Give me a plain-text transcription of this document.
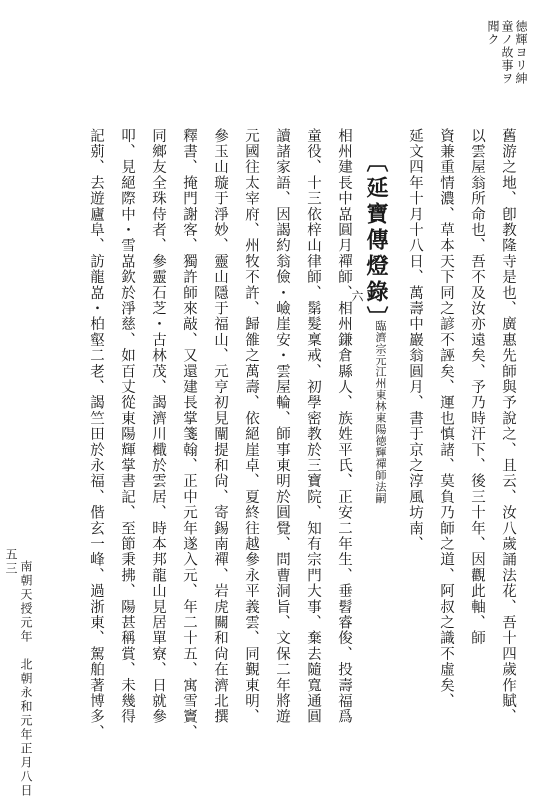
徳輝ヨリ紳
童ノ故事ヲ
聞ク
舊游之地、卽教隆寺是也、廣惠先師與予說之、且云、汝八歲誦法花、吾十四歲作賦、
以雲屋翁所命也、吾不及汝亦遠矣、予乃時汗下、後三十年、因觀此軸、師
資兼重情濃、草本天下同之諺不誣矣、運也慎諸、莫負乃師之道、阿叔之識不虛矣、
延文四年十月十八日、萬壽中巖翁圓月、書于京之淳風坊南、
〔延寶傳燈錄〕
六
臨濟宗元江州東林東陽徳輝禪師法嗣
相州建長中嵓圓月禪師、相州鎌倉縣人、族姓平氏、正安二年生、垂髫睿俊、投壽福爲
童役、十三依梓山律師、鬀髮稟戒、初學密教於三寶院、知有宗門大事、棄去隨寬通圓
讀諸家語、因謁約翁儉・嶮崖安・雲屋輪、師事東明於圓覺、問曹洞旨、文保二年將遊
元國往太宰府、州牧不許、歸雒之萬壽、依絕崖卓、夏終往越參永平義雲、同覲東明、
參玉山璇于淨妙、靈山隱于福山、元亨初見闡提和尙、寄錫南禪、岩虎關和尙在濟北撰
釋書、掩門謝客、獨許師來敲、又還建長掌箋翰、正中元年遂入元、年二十五、寓雪竇、
同鄉友全珠侍者、參靈石芝・古林茂、謁濟川檝於雲居、時本邦龍山見居單寮、日就參
叩、見絕際中・雪嵓欽於淨慈、如百丈從東陽輝掌書記、至節秉拂、陽甚稱賞、未幾得
記莂、去遊廬阜、訪龍嵓・柏壑二老、謁竺田於永福、偕玄一峰、過浙東、駕舶著博多、
南朝天授元年　北朝永和元年正月八日
五三
